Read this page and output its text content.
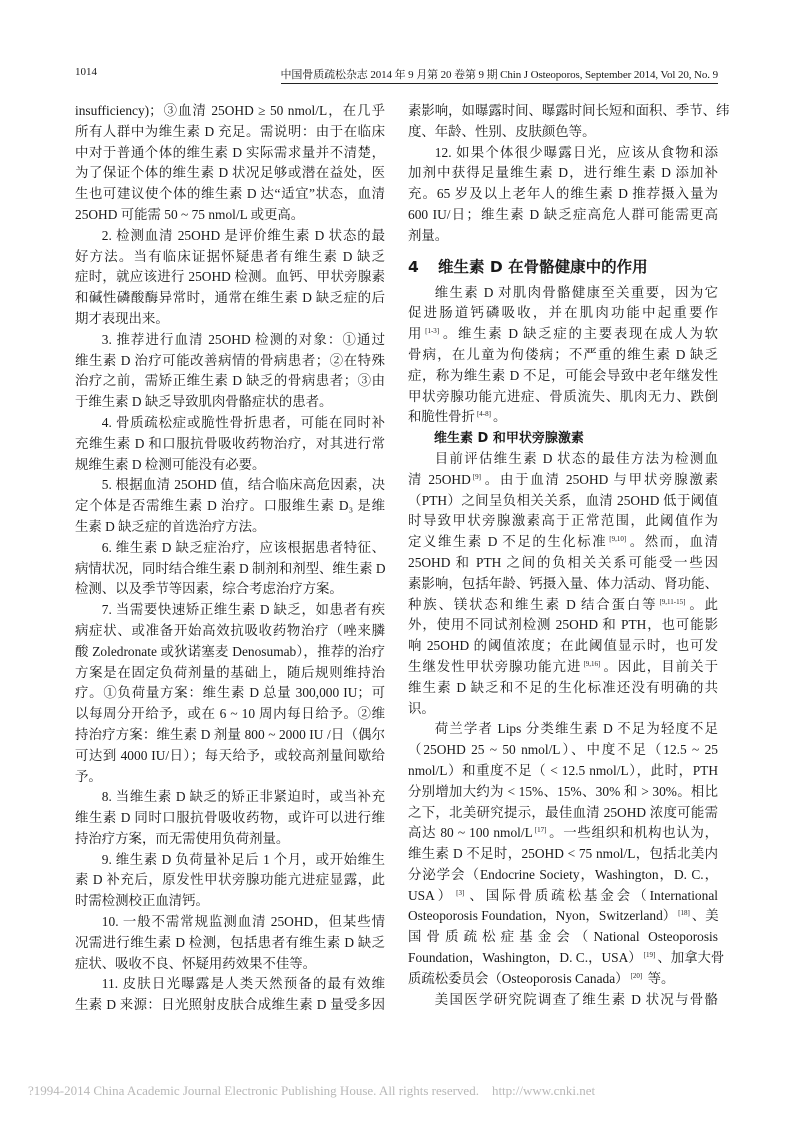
1014	中国骨质疏松杂志 2014 年 9 月第 20 卷第 9 期 Chin J Osteoporos, September 2014, Vol 20, No. 9
insufficiency)；③血清 25OHD ≥ 50 nmol/L，在几乎
所有人群中为维生素 D 充足。需说明：由于在临床
中对于普通个体的维生素 D 实际需求量并不清楚，
为了保证个体的维生素 D 状况足够或潜在益处，医
生也可建议使个体的维生素 D 达“适宜”状态，血清
25OHD 可能需 50 ~ 75 nmol/L 或更高。
2. 检测血清 25OHD 是评价维生素 D 状态的最
好方法。当有临床证据怀疑患者有维生素 D 缺乏
症时，就应该进行 25OHD 检测。血钙、甲状旁腺素
和碱性磷酸酶异常时，通常在维生素 D 缺乏症的后
期才表现出来。
3. 推荐进行血清 25OHD 检测的对象：①通过
维生素 D 治疗可能改善病情的骨病患者；②在特殊
治疗之前，需矫正维生素 D 缺乏的骨病患者；③由
于维生素 D 缺乏导致肌肉骨骼症状的患者。
4. 骨质疏松症或脆性骨折患者，可能在同时补
充维生素 D 和口服抗骨吸收药物治疗，对其进行常
规维生素 D 检测可能没有必要。
5. 根据血清 25OHD 值，结合临床高危因素，决
定个体是否需维生素 D 治疗。口服维生素 D₃ 是维
生素 D 缺乏症的首选治疗方法。
6. 维生素 D 缺乏症治疗，应该根据患者特征、
病情状况，同时结合维生素 D 制剂和剂型、维生素 D
检测、以及季节等因素，综合考虑治疗方案。
7. 当需要快速矫正维生素 D 缺乏，如患者有疾
病症状、或准备开始高效抗吸收药物治疗（唑来膦
酸 Zoledronate 或狄诺塞麦 Denosumab），推荐的治疗
方案是在固定负荷剂量的基础上，随后规则维持治
疗。①负荷量方案：维生素 D 总量 300,000 IU；可
以每周分开给予，或在 6 ~ 10 周内每日给予。②维
持治疗方案：维生素 D 剂量 800 ~ 2000 IU /日（偶尔
可达到 4000 IU/日）；每天给予，或较高剂量间歇给
予。
8. 当维生素 D 缺乏的矫正非紧迫时，或当补充
维生素 D 同时口服抗骨吸收药物，或许可以进行维
持治疗方案，而无需使用负荷剂量。
9. 维生素 D 负荷量补足后 1 个月，或开始维生
素 D 补充后，原发性甲状旁腺功能亢进症显露，此
时需检测校正血清钙。
10. 一般不需常规监测血清 25OHD，但某些情
况需进行维生素 D 检测，包括患者有维生素 D 缺乏
症状、吸收不良、怀疑用药效果不佳等。
11. 皮肤日光曝露是人类天然预备的最有效维
生素 D 来源：日光照射皮肤合成维生素 D 量受多因
素影响，如曝露时间、曝露时间长短和面积、季节、纬
度、年龄、性别、皮肤颜色等。
12. 如果个体很少曝露日光，应该从食物和添
加剂中获得足量维生素 D，进行维生素 D 添加补
充。65 岁及以上老年人的维生素 D 推荐摄入量为
600 IU/日；维生素 D 缺乏症高危人群可能需更高
剂量。
4 维生素 D 在骨骼健康中的作用
维生素 D 对肌肉骨骼健康至关重要，因为它
促进肠道钙磷吸收，并在肌肉功能中起重要作
用 [1-3] 。维生素 D 缺乏症的主要表现在成人为软
骨病，在儿童为佝偻病；不严重的维生素 D 缺乏
症，称为维生素 D 不足，可能会导致中老年继发性
甲状旁腺功能亢进症、骨质流失、肌肉无力、跌倒
和脆性骨折 [4-8] 。
维生素 D 和甲状旁腺激素
目前评估维生素 D 状态的最佳方法为检测血
清 25OHD [9] 。由于血清 25OHD 与甲状旁腺激素
（PTH）之间呈负相关关系，血清 25OHD 低于阈值
时导致甲状旁腺激素高于正常范围，此阈值作为
定义维生素 D 不足的生化标准 [9,10] 。然而，血清
25OHD 和 PTH 之间的负相关关系可能受一些因
素影响，包括年龄、钙摄入量、体力活动、肾功能、
种族、镁状态和维生素 D 结合蛋白等 [9,11-15] 。此
外，使用不同试剂检测 25OHD 和 PTH，也可能影
响 25OHD 的阈值浓度；在此阈值显示时，也可发
生继发性甲状旁腺功能亢进 [9,16] 。因此，目前关于
维生素 D 缺乏和不足的生化标准还没有明确的共
识。
荷兰学者 Lips 分类维生素 D 不足为轻度不足
（25OHD 25 ~ 50 nmol/L）、中度不足（12.5 ~ 25
nmol/L）和重度不足（ < 12.5 nmol/L），此时，PTH
分别增加大约为 < 15%、15%、30% 和 > 30%。相比
之下，北美研究提示，最佳血清 25OHD 浓度可能需
高达 80 ~ 100 nmol/L [17] 。一些组织和机构也认为，
维生素 D 不足时，25OHD < 75 nmol/L，包括北美内
分泌学会（Endocrine Society，Washington，D. C.，
USA） [3] 、国际骨质疏松基金会（International
Osteoporosis Foundation，Nyon，Switzerland） [18] 、美
国骨质疏松症基金会（National Osteoporosis
Foundation，Washington，D. C.，USA） [19] 、加拿大骨
质疏松委员会（Osteoporosis Canada） [20] 等。
美国医学研究院调查了维生素 D 状况与骨骼
?1994-2014 China Academic Journal Electronic Publishing House. All rights reserved. http://www.cnki.net
